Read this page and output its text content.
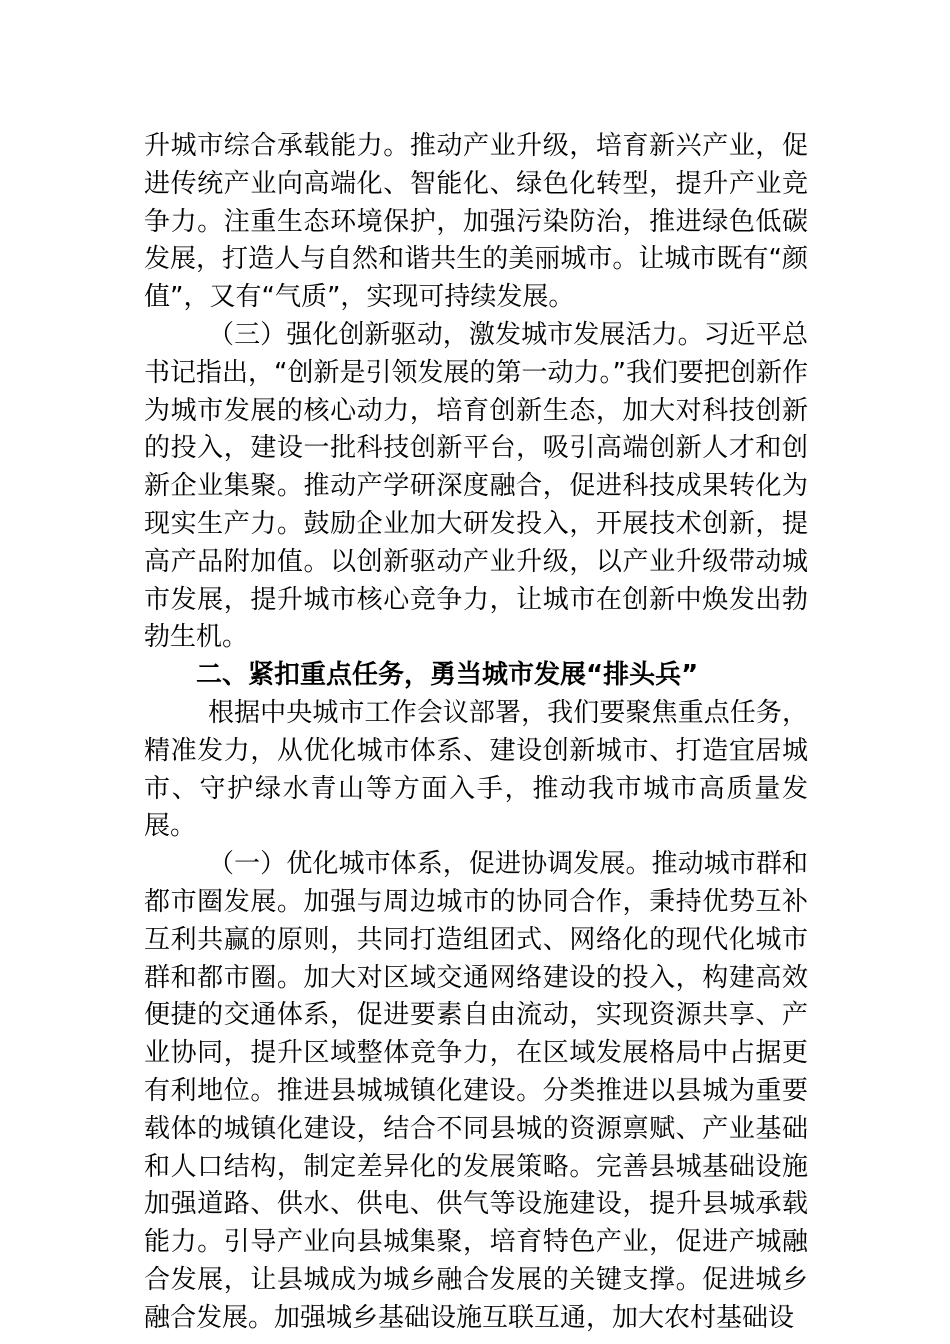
升城市综合承载能力。推动产业升级，培育新兴产业，促进传统产业向高端化、智能化、绿色化转型，提升产业竞争力。注重生态环境保护，加强污染防治，推进绿色低碳发展，打造人与自然和谐共生的美丽城市。让城市既有“颜值”，又有“气质”，实现可持续发展。

（三）强化创新驱动，激发城市发展活力。习近平总书记指出，“创新是引领发展的第一动力。”我们要把创新作为城市发展的核心动力，培育创新生态，加大对科技创新的投入，建设一批科技创新平台，吸引高端创新人才和创新企业集聚。推动产学研深度融合，促进科技成果转化为现实生产力。鼓励企业加大研发投入，开展技术创新，提高产品附加值。以创新驱动产业升级，以产业升级带动城市发展，提升城市核心竞争力，让城市在创新中焕发出勃勃生机。

二、紧扣重点任务，勇当城市发展“排头兵”

根据中央城市工作会议部署，我们要聚焦重点任务，精准发力，从优化城市体系、建设创新城市、打造宜居城市、守护绿水青山等方面入手，推动我市城市高质量发展。

（一）优化城市体系，促进协调发展。推动城市群和都市圈发展。加强与周边城市的协同合作，秉持优势互补互利共赢的原则，共同打造组团式、网络化的现代化城市群和都市圈。加大对区域交通网络建设的投入，构建高效便捷的交通体系，促进要素自由流动，实现资源共享、产业协同，提升区域整体竞争力，在区域发展格局中占据更有利地位。推进县城城镇化建设。分类推进以县城为重要载体的城镇化建设，结合不同县城的资源禀赋、产业基础和人口结构，制定差异化的发展策略。完善县城基础设施加强道路、供水、供电、供气等设施建设，提升县城承载能力。引导产业向县城集聚，培育特色产业，促进产城融合发展，让县城成为城乡融合发展的关键支撑。促进城乡融合发展。加强城乡基础设施互联互通，加大农村基础设
